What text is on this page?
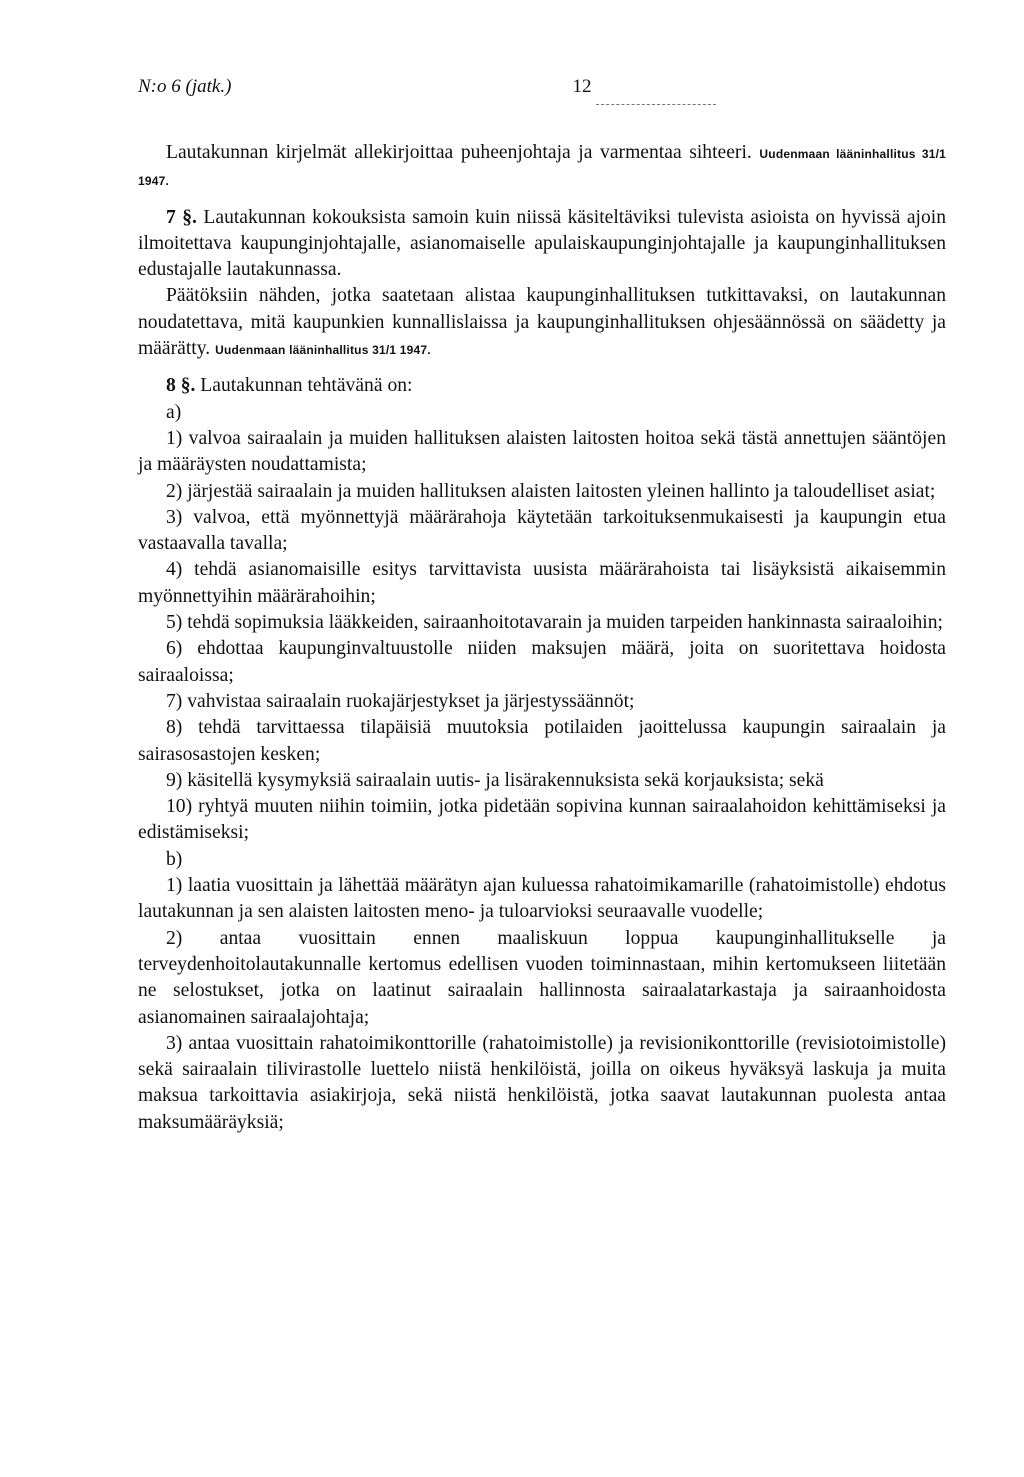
N:o 6 (jatk.)	12

Lautakunnan kirjelmät allekirjoittaa puheenjohtaja ja varmentaa sihteeri. Uudenmaan lääninhallitus 31/1 1947.

7 §. Lautakunnan kokouksista samoin kuin niissä käsiteltäviksi tulevista asioista on hyvissä ajoin ilmoitettava kaupunginjohtajalle, asianomaiselle apulaiskaupunginjohtajalle ja kaupunginhallituksen edustajalle lautakunnassa.

Päätöksiin nähden, jotka saatetaan alistaa kaupunginhallituksen tutkittavaksi, on lautakunnan noudatettava, mitä kaupunkien kunnallislaissa ja kaupunginhallituksen ohjesäännössä on säädetty ja määrätty. Uudenmaan lääninhallitus 31/1 1947.

8 §. Lautakunnan tehtävänä on:

a)

1) valvoa sairaalain ja muiden hallituksen alaisten laitosten hoitoa sekä tästä annettujen sääntöjen ja määräysten noudattamista;

2) järjestää sairaalain ja muiden hallituksen alaisten laitosten yleinen hallinto ja taloudelliset asiat;

3) valvoa, että myönnettyjä määrärahoja käytetään tarkoituksenmukaisesti ja kaupungin etua vastaavalla tavalla;

4) tehdä asianomaisille esitys tarvittavista uusista määrärahoista tai lisäyksistä aikaisemmin myönnettyihin määrärahoihin;

5) tehdä sopimuksia lääkkeiden, sairaanhoitotavarain ja muiden tarpeiden hankinnasta sairaaloihin;

6) ehdottaa kaupunginvaltuustolle niiden maksujen määrä, joita on suoritettava hoidosta sairaaloissa;

7) vahvistaa sairaalain ruokajärjestykset ja järjestyssäännöt;

8) tehdä tarvittaessa tilapäisiä muutoksia potilaiden jaoittelussa kaupungin sairaalain ja sairasosastojen kesken;

9) käsitellä kysymyksiä sairaalain uutis- ja lisärakennuksista sekä korjauksista; sekä

10) ryhtyä muuten niihin toimiin, jotka pidetään sopivina kunnan sairaalahoidon kehittämiseksi ja edistämiseksi;

b)

1) laatia vuosittain ja lähettää määrätyn ajan kuluessa rahatoimikamarille (rahatoimistolle) ehdotus lautakunnan ja sen alaisten laitosten meno- ja tuloarvioksi seuraavalle vuodelle;

2) antaa vuosittain ennen maaliskuun loppua kaupunginhallitukselle ja terveydenhoitolautakunnalle kertomus edellisen vuoden toiminnastaan, mihin kertomukseen liitetään ne selostukset, jotka on laatinut sairaalain hallinnosta sairaalatarkastaja ja sairaanhoidosta asianomainen sairaalajohtaja;

3) antaa vuosittain rahatoimikonttorille (rahatoimistolle) ja revisionikonttorille (revisiotoimistolle) sekä sairaalain tilivirastolle luettelo niistä henkilöistä, joilla on oikeus hyväksyä laskuja ja muita maksua tarkoittavia asiakirjoja, sekä niistä henkilöistä, jotka saavat lautakunnan puolesta antaa maksumääräyksiä;
